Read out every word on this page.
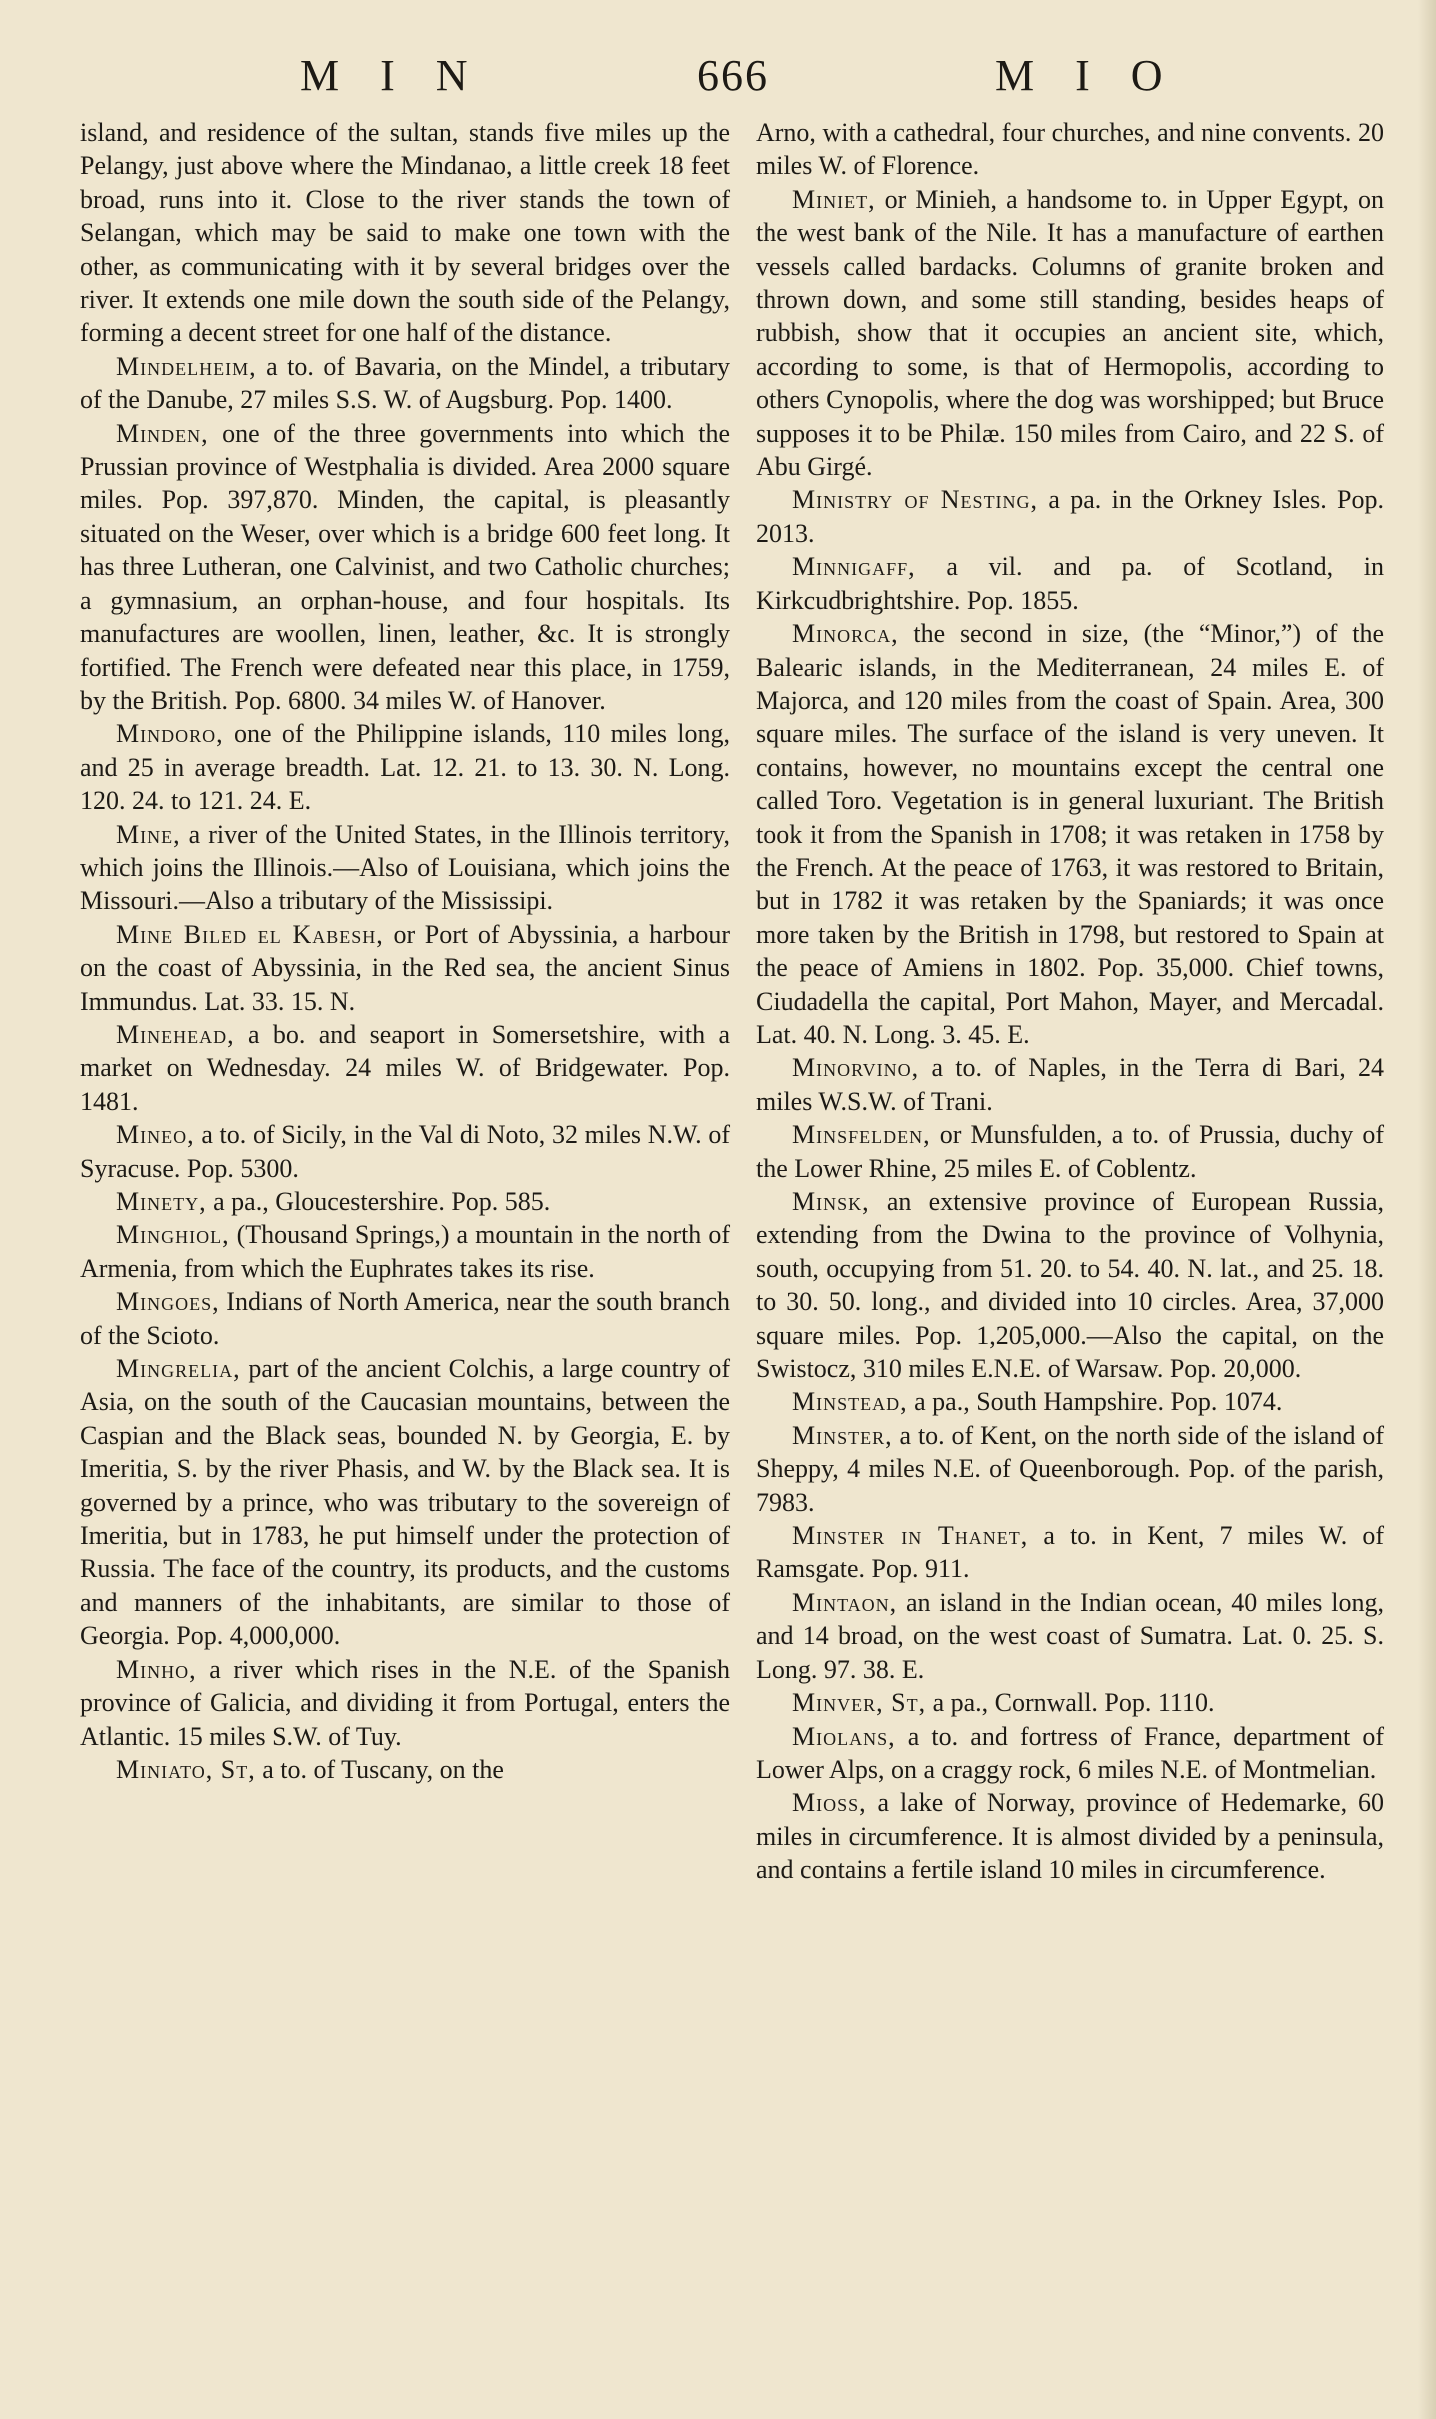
M I N	666	M I O

island, and residence of the sultan, stands five miles up the Pelangy, just above where the Mindanao, a little creek 18 feet broad, runs into it. Close to the river stands the town of Selangan, which may be said to make one town with the other, as communicating with it by several bridges over the river. It extends one mile down the south side of the Pelangy, forming a decent street for one half of the distance.

Mindelheim, a to. of Bavaria, on the Mindel, a tributary of the Danube, 27 miles S.S. W. of Augsburg. Pop. 1400.

Minden, one of the three governments into which the Prussian province of Westphalia is divided. Area 2000 square miles. Pop. 397,870. Minden, the capital, is pleasantly situated on the Weser, over which is a bridge 600 feet long. It has three Lutheran, one Calvinist, and two Catholic churches; a gymnasium, an orphan-house, and four hospitals. Its manufactures are woollen, linen, leather, &c. It is strongly fortified. The French were defeated near this place, in 1759, by the British. Pop. 6800. 34 miles W. of Hanover.

Mindoro, one of the Philippine islands, 110 miles long, and 25 in average breadth. Lat. 12. 21. to 13. 30. N. Long. 120. 24. to 121. 24. E.

Mine, a river of the United States, in the Illinois territory, which joins the Illinois.—Also of Louisiana, which joins the Missouri.—Also a tributary of the Mississipi.

Mine Biled el Kabesh, or Port of Abyssinia, a harbour on the coast of Abyssinia, in the Red sea, the ancient Sinus Immundus. Lat. 33. 15. N.

Minehead, a bo. and seaport in Somersetshire, with a market on Wednesday. 24 miles W. of Bridgewater. Pop. 1481.

Mineo, a to. of Sicily, in the Val di Noto, 32 miles N.W. of Syracuse. Pop. 5300.

Minety, a pa., Gloucestershire. Pop. 585.

Minghiol, (Thousand Springs,) a mountain in the north of Armenia, from which the Euphrates takes its rise.

Mingoes, Indians of North America, near the south branch of the Scioto.

Mingrelia, part of the ancient Colchis, a large country of Asia, on the south of the Caucasian mountains, between the Caspian and the Black seas, bounded N. by Georgia, E. by Imeritia, S. by the river Phasis, and W. by the Black sea. It is governed by a prince, who was tributary to the sovereign of Imeritia, but in 1783, he put himself under the protection of Russia. The face of the country, its products, and the customs and manners of the inhabitants, are similar to those of Georgia. Pop. 4,000,000.

Minho, a river which rises in the N.E. of the Spanish province of Galicia, and dividing it from Portugal, enters the Atlantic. 15 miles S.W. of Tuy.

Miniato, St, a to. of Tuscany, on the

Arno, with a cathedral, four churches, and nine convents. 20 miles W. of Florence.

Miniet, or Minieh, a handsome to. in Upper Egypt, on the west bank of the Nile. It has a manufacture of earthen vessels called bardacks. Columns of granite broken and thrown down, and some still standing, besides heaps of rubbish, show that it occupies an ancient site, which, according to some, is that of Hermopolis, according to others Cynopolis, where the dog was worshipped; but Bruce supposes it to be Philæ. 150 miles from Cairo, and 22 S. of Abu Girgé.

Ministry of Nesting, a pa. in the Orkney Isles. Pop. 2013.

Minnigaff, a vil. and pa. of Scotland, in Kirkcudbrightshire. Pop. 1855.

Minorca, the second in size, (the “Minor,”) of the Balearic islands, in the Mediterranean, 24 miles E. of Majorca, and 120 miles from the coast of Spain. Area, 300 square miles. The surface of the island is very uneven. It contains, however, no mountains except the central one called Toro. Vegetation is in general luxuriant. The British took it from the Spanish in 1708; it was retaken in 1758 by the French. At the peace of 1763, it was restored to Britain, but in 1782 it was retaken by the Spaniards; it was once more taken by the British in 1798, but restored to Spain at the peace of Amiens in 1802. Pop. 35,000. Chief towns, Ciudadella the capital, Port Mahon, Mayer, and Mercadal. Lat. 40. N. Long. 3. 45. E.

Minorvino, a to. of Naples, in the Terra di Bari, 24 miles W.S.W. of Trani.

Minsfelden, or Munsfulden, a to. of Prussia, duchy of the Lower Rhine, 25 miles E. of Coblentz.

Minsk, an extensive province of European Russia, extending from the Dwina to the province of Volhynia, south, occupying from 51. 20. to 54. 40. N. lat., and 25. 18. to 30. 50. long., and divided into 10 circles. Area, 37,000 square miles. Pop. 1,205,000.—Also the capital, on the Swistocz, 310 miles E.N.E. of Warsaw. Pop. 20,000.

Minstead, a pa., South Hampshire. Pop. 1074.

Minster, a to. of Kent, on the north side of the island of Sheppy, 4 miles N.E. of Queenborough. Pop. of the parish, 7983.

Minster in Thanet, a to. in Kent, 7 miles W. of Ramsgate. Pop. 911.

Mintaon, an island in the Indian ocean, 40 miles long, and 14 broad, on the west coast of Sumatra. Lat. 0. 25. S. Long. 97. 38. E.

Minver, St, a pa., Cornwall. Pop. 1110.

Miolans, a to. and fortress of France, department of Lower Alps, on a craggy rock, 6 miles N.E. of Montmelian.

Mioss, a lake of Norway, province of Hedemarke, 60 miles in circumference. It is almost divided by a peninsula, and contains a fertile island 10 miles in circumference.
